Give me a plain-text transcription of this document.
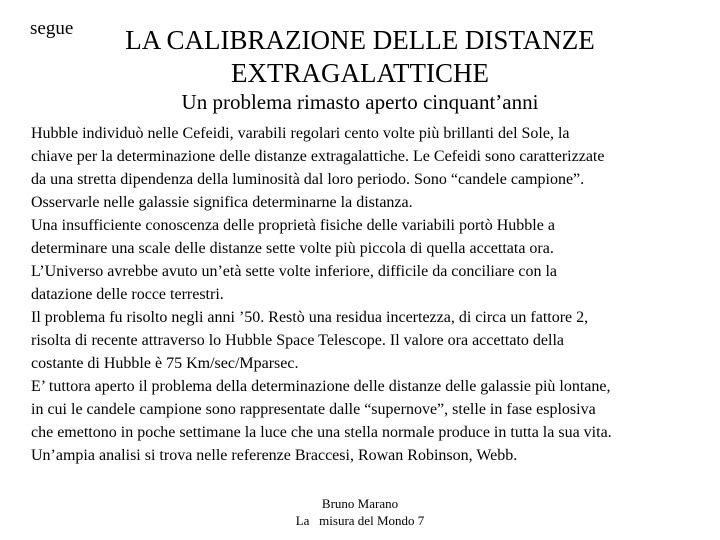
segue	LA CALIBRAZIONE DELLE DISTANZE
EXTRAGALATTICHE
Un problema rimasto aperto cinquant’anni
Hubble individuò nelle Cefeidi, varabili regolari cento volte più brillanti del Sole, la
chiave per la determinazione delle distanze extragalattiche. Le Cefeidi sono caratterizzate
da una stretta dipendenza della luminosità dal loro periodo. Sono “candele campione”.
Osservarle nelle galassie significa determinarne la distanza.
Una insufficiente conoscenza delle proprietà fisiche delle variabili portò Hubble a
determinare una scale delle distanze sette volte più piccola di quella accettata ora.
L’Universo avrebbe avuto un’età sette volte inferiore, difficile da conciliare con la
datazione delle rocce terrestri.
Il problema fu risolto negli anni ’50. Restò una residua incertezza, di circa un fattore 2,
risolta di recente attraverso lo Hubble Space Telescope. Il valore ora accettato della
costante di Hubble è 75 Km/sec/Mparsec.
E’ tuttora aperto il problema della determinazione delle distanze delle galassie più lontane,
in cui le candele campione sono rappresentate dalle “supernove”, stelle in fase esplosiva
che emettono in poche settimane la luce che una stella normale produce in tutta la sua vita.
Un’ampia analisi si trova nelle referenze Braccesi, Rowan Robinson, Webb.
Bruno Marano
La   misura del Mondo 7
